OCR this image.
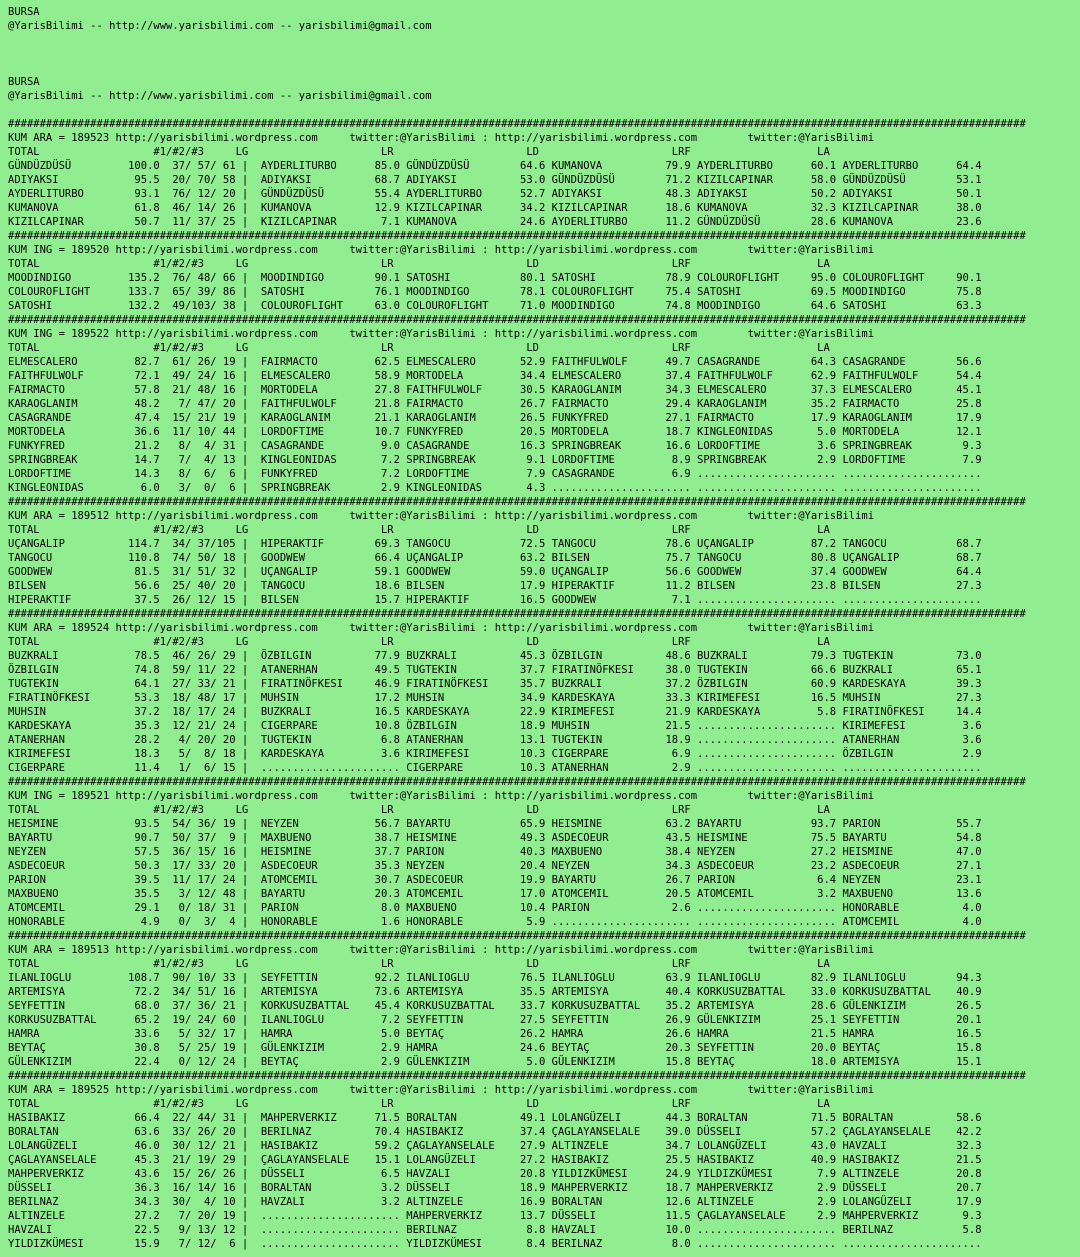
BURSA
@YarisBilimi -- http://www.yarisbilimi.com -- yarisbilimi@gmail.com
BURSA
@YarisBilimi -- http://www.yarisbilimi.com -- yarisbilimi@gmail.com
#################################################################################################################################################################
KUM ARA = 189523 http://yarisbilimi.wordpress.com     twitter:@YarisBilimi : http://yarisbilimi.wordpress.com        twitter:@YarisBilimi
TOTAL                  #1/#2/#3     LG                     LR                     LD                     LRF                    LA
GÜNDÜZDÜSÜ         100.0  37/ 57/ 61 |  AYDERLITURBO      85.0 GÜNDÜZDÜSÜ        64.6 KUMANOVA          79.9 AYDERLITURBO      60.1 AYDERLITURBO      64.4
ADIYAKSI            95.5  20/ 70/ 58 |  ADIYAKSI          68.7 ADIYAKSI          53.0 GÜNDÜZDÜSÜ        71.2 KIZILCAPINAR      58.0 GÜNDÜZDÜSÜ        53.1
AYDERLITURBO        93.1  76/ 12/ 20 |  GÜNDÜZDÜSÜ        55.4 AYDERLITURBO      52.7 ADIYAKSI          48.3 ADIYAKSI          50.2 ADIYAKSI          50.1
KUMANOVA            61.8  46/ 14/ 26 |  KUMANOVA          12.9 KIZILCAPINAR      34.2 KIZILCAPINAR      18.6 KUMANOVA          32.3 KIZILCAPINAR      38.0
KIZILCAPINAR        50.7  11/ 37/ 25 |  KIZILCAPINAR       7.1 KUMANOVA          24.6 AYDERLITURBO      11.2 GÜNDÜZDÜSÜ        28.6 KUMANOVA          23.6
#################################################################################################################################################################
KUM ING = 189520 http://yarisbilimi.wordpress.com     twitter:@YarisBilimi : http://yarisbilimi.wordpress.com        twitter:@YarisBilimi
TOTAL                  #1/#2/#3     LG                     LR                     LD                     LRF                    LA
MOODINDIGO         135.2  76/ 48/ 66 |  MOODINDIGO        90.1 SATOSHI           80.1 SATOSHI           78.9 COLOUROFLIGHT     95.0 COLOUROFLIGHT     90.1
COLOUROFLIGHT      133.7  65/ 39/ 86 |  SATOSHI           76.1 MOODINDIGO        78.1 COLOUROFLIGHT     75.4 SATOSHI           69.5 MOODINDIGO        75.8
SATOSHI            132.2  49/103/ 38 |  COLOUROFLIGHT     63.0 COLOUROFLIGHT     71.0 MOODINDIGO        74.8 MOODINDIGO        64.6 SATOSHI           63.3
#################################################################################################################################################################
KUM ING = 189522 http://yarisbilimi.wordpress.com     twitter:@YarisBilimi : http://yarisbilimi.wordpress.com        twitter:@YarisBilimi
TOTAL                  #1/#2/#3     LG                     LR                     LD                     LRF                    LA
ELMESCALERO         82.7  61/ 26/ 19 |  FAIRMACTO         62.5 ELMESCALERO       52.9 FAITHFULWOLF      49.7 CASAGRANDE        64.3 CASAGRANDE        56.6
FAITHFULWOLF        72.1  49/ 24/ 16 |  ELMESCALERO       58.9 MORTODELA         34.4 ELMESCALERO       37.4 FAITHFULWOLF      62.9 FAITHFULWOLF      54.4
FAIRMACTO           57.8  21/ 48/ 16 |  MORTODELA         27.8 FAITHFULWOLF      30.5 KARAOGLANIM       34.3 ELMESCALERO       37.3 ELMESCALERO       45.1
KARAOGLANIM         48.2   7/ 47/ 20 |  FAITHFULWOLF      21.8 FAIRMACTO         26.7 FAIRMACTO         29.4 KARAOGLANIM       35.2 FAIRMACTO         25.8
CASAGRANDE          47.4  15/ 21/ 19 |  KARAOGLANIM       21.1 KARAOGLANIM       26.5 FUNKYFRED         27.1 FAIRMACTO         17.9 KARAOGLANIM       17.9
MORTODELA           36.6  11/ 10/ 44 |  LORDOFTIME        10.7 FUNKYFRED         20.5 MORTODELA         18.7 KINGLEONIDAS       5.0 MORTODELA         12.1
FUNKYFRED           21.2   8/  4/ 31 |  CASAGRANDE         9.0 CASAGRANDE        16.3 SPRINGBREAK       16.6 LORDOFTIME         3.6 SPRINGBREAK        9.3
SPRINGBREAK         14.7   7/  4/ 13 |  KINGLEONIDAS       7.2 SPRINGBREAK        9.1 LORDOFTIME         8.9 SPRINGBREAK        2.9 LORDOFTIME         7.9
LORDOFTIME          14.3   8/  6/  6 |  FUNKYFRED          7.2 LORDOFTIME         7.9 CASAGRANDE         6.9 ...................... ......................
KINGLEONIDAS         6.0   3/  0/  6 |  SPRINGBREAK        2.9 KINGLEONIDAS       4.3 ...................... ...................... ......................
#################################################################################################################################################################
KUM ARA = 189512 http://yarisbilimi.wordpress.com     twitter:@YarisBilimi : http://yarisbilimi.wordpress.com        twitter:@YarisBilimi
TOTAL                  #1/#2/#3     LG                     LR                     LD                     LRF                    LA
UÇANGALIP          114.7  34/ 37/105 |  HIPERAKTIF        69.3 TANGOCU           72.5 TANGOCU           78.6 UÇANGALIP         87.2 TANGOCU           68.7
TANGOCU            110.8  74/ 50/ 18 |  GOODWEW           66.4 UÇANGALIP         63.2 BILSEN            75.7 TANGOCU           80.8 UÇANGALIP         68.7
GOODWEW             81.5  31/ 51/ 32 |  UÇANGALIP         59.1 GOODWEW           59.0 UÇANGALIP         56.6 GOODWEW           37.4 GOODWEW           64.4
BILSEN              56.6  25/ 40/ 20 |  TANGOCU           18.6 BILSEN            17.9 HIPERAKTIF        11.2 BILSEN            23.8 BILSEN            27.3
HIPERAKTIF          37.5  26/ 12/ 15 |  BILSEN            15.7 HIPERAKTIF        16.5 GOODWEW            7.1 ...................... ......................
#################################################################################################################################################################
KUM ARA = 189524 http://yarisbilimi.wordpress.com     twitter:@YarisBilimi : http://yarisbilimi.wordpress.com        twitter:@YarisBilimi
TOTAL                  #1/#2/#3     LG                     LR                     LD                     LRF                    LA
BUZKRALI            78.5  46/ 26/ 29 |  ÖZBILGIN          77.9 BUZKRALI          45.3 ÖZBILGIN          48.6 BUZKRALI          79.3 TUGTEKIN          73.0
ÖZBILGIN            74.8  59/ 11/ 22 |  ATANERHAN         49.5 TUGTEKIN          37.7 FIRATINÖFKESI     38.0 TUGTEKIN          66.6 BUZKRALI          65.1
TUGTEKIN            64.1  27/ 33/ 21 |  FIRATINÖFKESI     46.9 FIRATINÖFKESI     35.7 BUZKRALI          37.2 ÖZBILGIN          60.9 KARDESKAYA        39.3
FIRATINÖFKESI       53.3  18/ 48/ 17 |  MUHSIN            17.2 MUHSIN            34.9 KARDESKAYA        33.3 KIRIMEFESI        16.5 MUHSIN            27.3
MUHSIN              37.2  18/ 17/ 24 |  BUZKRALI          16.5 KARDESKAYA        22.9 KIRIMEFESI        21.9 KARDESKAYA         5.8 FIRATINÖFKESI     14.4
KARDESKAYA          35.3  12/ 21/ 24 |  CIGERPARE         10.8 ÖZBILGIN          18.9 MUHSIN            21.5 ...................... KIRIMEFESI         3.6
ATANERHAN           28.2   4/ 20/ 20 |  TUGTEKIN           6.8 ATANERHAN         13.1 TUGTEKIN          18.9 ...................... ATANERHAN          3.6
KIRIMEFESI          18.3   5/  8/ 18 |  KARDESKAYA         3.6 KIRIMEFESI        10.3 CIGERPARE          6.9 ...................... ÖZBILGIN           2.9
CIGERPARE           11.4   1/  6/ 15 |  ...................... CIGERPARE         10.3 ATANERHAN          2.9 ...................... ......................
#################################################################################################################################################################
KUM ING = 189521 http://yarisbilimi.wordpress.com     twitter:@YarisBilimi : http://yarisbilimi.wordpress.com        twitter:@YarisBilimi
TOTAL                  #1/#2/#3     LG                     LR                     LD                     LRF                    LA
HEISMINE            93.5  54/ 36/ 19 |  NEYZEN            56.7 BAYARTU           65.9 HEISMINE          63.2 BAYARTU           93.7 PARION            55.7
BAYARTU             90.7  50/ 37/  9 |  MAXBUENO          38.7 HEISMINE          49.3 ASDECOEUR         43.5 HEISMINE          75.5 BAYARTU           54.8
NEYZEN              57.5  36/ 15/ 16 |  HEISMINE          37.7 PARION            40.3 MAXBUENO          38.4 NEYZEN            27.2 HEISMINE          47.0
ASDECOEUR           50.3  17/ 33/ 20 |  ASDECOEUR         35.3 NEYZEN            20.4 NEYZEN            34.3 ASDECOEUR         23.2 ASDECOEUR         27.1
PARION              39.5  11/ 17/ 24 |  ATOMCEMIL         30.7 ASDECOEUR         19.9 BAYARTU           26.7 PARION             6.4 NEYZEN            23.1
MAXBUENO            35.5   3/ 12/ 48 |  BAYARTU           20.3 ATOMCEMIL         17.0 ATOMCEMIL         20.5 ATOMCEMIL          3.2 MAXBUENO          13.6
ATOMCEMIL           29.1   0/ 18/ 31 |  PARION             8.0 MAXBUENO          10.4 PARION             2.6 ...................... HONORABLE          4.0
HONORABLE            4.9   0/  3/  4 |  HONORABLE          1.6 HONORABLE          5.9 ...................... ...................... ATOMCEMIL          4.0
#################################################################################################################################################################
KUM ARA = 189513 http://yarisbilimi.wordpress.com     twitter:@YarisBilimi : http://yarisbilimi.wordpress.com        twitter:@YarisBilimi
TOTAL                  #1/#2/#3     LG                     LR                     LD                     LRF                    LA
ILANLIOGLU         108.7  90/ 10/ 33 |  SEYFETTIN         92.2 ILANLIOGLU        76.5 ILANLIOGLU        63.9 ILANLIOGLU        82.9 ILANLIOGLU        94.3
ARTEMISYA           72.2  34/ 51/ 16 |  ARTEMISYA         73.6 ARTEMISYA         35.5 ARTEMISYA         40.4 KORKUSUZBATTAL    33.0 KORKUSUZBATTAL    40.9
SEYFETTIN           68.0  37/ 36/ 21 |  KORKUSUZBATTAL    45.4 KORKUSUZBATTAL    33.7 KORKUSUZBATTAL    35.2 ARTEMISYA         28.6 GÜLENKIZIM        26.5
KORKUSUZBATTAL      65.2  19/ 24/ 60 |  ILANLIOGLU         7.2 SEYFETTIN         27.5 SEYFETTIN         26.9 GÜLENKIZIM        25.1 SEYFETTIN         20.1
HAMRA               33.6   5/ 32/ 17 |  HAMRA              5.0 BEYTAÇ            26.2 HAMRA             26.6 HAMRA             21.5 HAMRA             16.5
BEYTAÇ              30.8   5/ 25/ 19 |  GÜLENKIZIM         2.9 HAMRA             24.6 BEYTAÇ            20.3 SEYFETTIN         20.0 BEYTAÇ            15.8
GÜLENKIZIM          22.4   0/ 12/ 24 |  BEYTAÇ             2.9 GÜLENKIZIM         5.0 GÜLENKIZIM        15.8 BEYTAÇ            18.0 ARTEMISYA         15.1
#################################################################################################################################################################
KUM ARA = 189525 http://yarisbilimi.wordpress.com     twitter:@YarisBilimi : http://yarisbilimi.wordpress.com        twitter:@YarisBilimi
TOTAL                  #1/#2/#3     LG                     LR                     LD                     LRF                    LA
HASIBAKIZ           66.4  22/ 44/ 31 |  MAHPERVERKIZ      71.5 BORALTAN          49.1 LOLANGÜZELI       44.3 BORALTAN          71.5 BORALTAN          58.6
BORALTAN            63.6  33/ 26/ 20 |  BERILNAZ          70.4 HASIBAKIZ         37.4 ÇAGLAYANSELALE    39.0 DÜSSELI           57.2 ÇAGLAYANSELALE    42.2
LOLANGÜZELI         46.0  30/ 12/ 21 |  HASIBAKIZ         59.2 ÇAGLAYANSELALE    27.9 ALTINZELE         34.7 LOLANGÜZELI       43.0 HAVZALI           32.3
ÇAGLAYANSELALE      45.3  21/ 19/ 29 |  ÇAGLAYANSELALE    15.1 LOLANGÜZELI       27.2 HASIBAKIZ         25.5 HASIBAKIZ         40.9 HASIBAKIZ         21.5
MAHPERVERKIZ        43.6  15/ 26/ 26 |  DÜSSELI            6.5 HAVZALI           20.8 YILDIZKÜMESI      24.9 YILDIZKÜMESI       7.9 ALTINZELE         20.8
DÜSSELI             36.3  16/ 14/ 16 |  BORALTAN           3.2 DÜSSELI           18.9 MAHPERVERKIZ      18.7 MAHPERVERKIZ       2.9 DÜSSELI           20.7
BERILNAZ            34.3  30/  4/ 10 |  HAVZALI            3.2 ALTINZELE         16.9 BORALTAN          12.6 ALTINZELE          2.9 LOLANGÜZELI       17.9
ALTINZELE           27.2   7/ 20/ 19 |  ...................... MAHPERVERKIZ      13.7 DÜSSELI           11.5 ÇAGLAYANSELALE     2.9 MAHPERVERKIZ       9.3
HAVZALI             22.5   9/ 13/ 12 |  ...................... BERILNAZ           8.8 HAVZALI           10.0 ...................... BERILNAZ           5.8
YILDIZKÜMESI        15.9   7/ 12/  6 |  ...................... YILDIZKÜMESI       8.4 BERILNAZ           8.0 ...................... ......................
